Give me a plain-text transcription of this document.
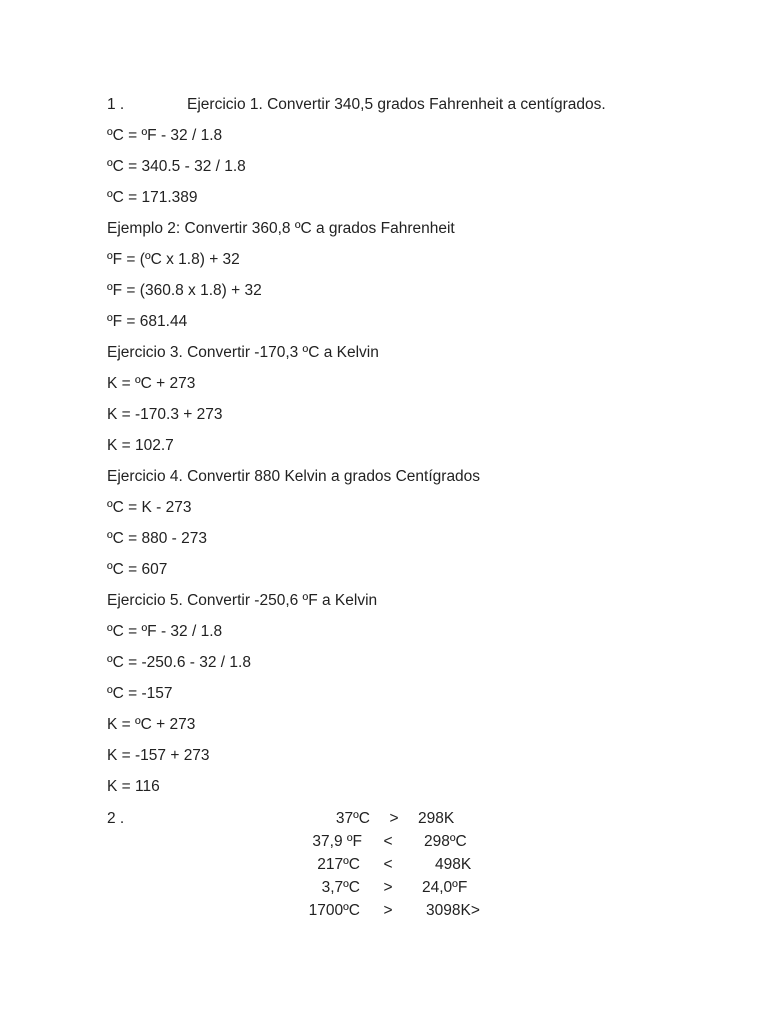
1 .	Ejercicio 1. Convertir 340,5 grados Fahrenheit a centígrados.
ºC = ºF - 32 / 1.8
ºC = 340.5 - 32 / 1.8
ºC = 171.389
Ejemplo 2: Convertir 360,8 ºC a grados Fahrenheit
ºF = (ºC x 1.8) + 32
ºF = (360.8 x 1.8) + 32
ºF = 681.44
Ejercicio 3. Convertir -170,3 ºC a Kelvin
K = ºC + 273
K = -170.3 + 273
K = 102.7
Ejercicio 4. Convertir 880 Kelvin a grados Centígrados
ºC = K - 273
ºC = 880 - 273
ºC = 607
Ejercicio 5. Convertir -250,6 ºF a Kelvin
ºC = ºF - 32 / 1.8
ºC = -250.6 - 32 / 1.8
ºC = -157
K = ºC + 273
K = -157 + 273
K = 116
2 .	37ºC	>	298K
37,9 ºF	<	298ºC
217ºC	<	498K
3,7ºC	>	24,0ºF
1700ºC	>	3098K>
